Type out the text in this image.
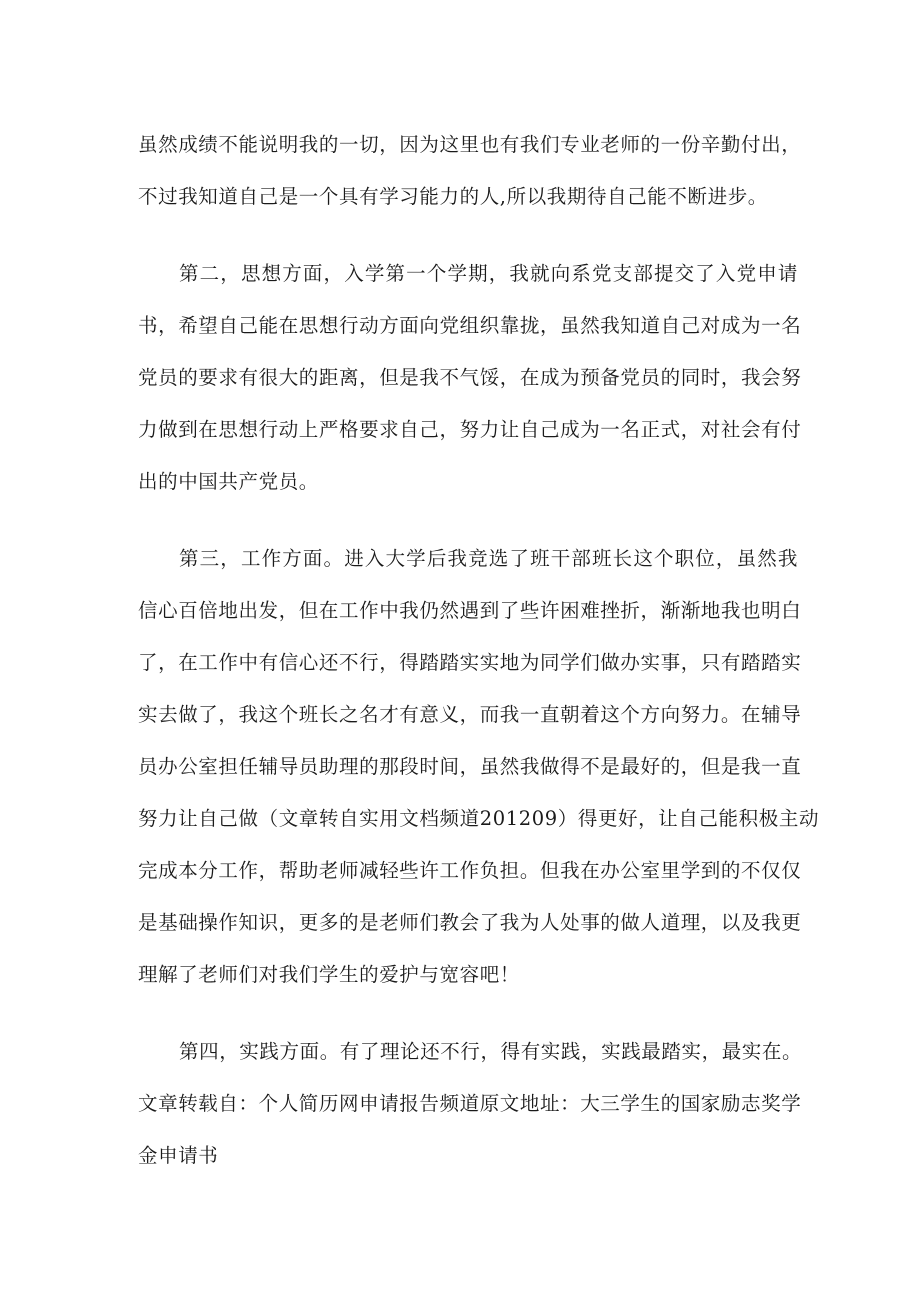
虽然成绩不能说明我的一切，因为这里也有我们专业老师的一份辛勤付出，
不过我知道自己是一个具有学习能力的人,所以我期待自己能不断进步。
第二，思想方面，入学第一个学期，我就向系党支部提交了入党申请
书，希望自己能在思想行动方面向党组织靠拢，虽然我知道自己对成为一名
党员的要求有很大的距离，但是我不气馁，在成为预备党员的同时，我会努
力做到在思想行动上严格要求自己，努力让自己成为一名正式，对社会有付
出的中国共产党员。
第三，工作方面。进入大学后我竞选了班干部班长这个职位，虽然我
信心百倍地出发，但在工作中我仍然遇到了些许困难挫折，渐渐地我也明白
了，在工作中有信心还不行，得踏踏实实地为同学们做办实事，只有踏踏实
实去做了，我这个班长之名才有意义，而我一直朝着这个方向努力。在辅导
员办公室担任辅导员助理的那段时间，虽然我做得不是最好的，但是我一直
努力让自己做（文章转自实用文档频道201209）得更好，让自己能积极主动
完成本分工作，帮助老师减轻些许工作负担。但我在办公室里学到的不仅仅
是基础操作知识，更多的是老师们教会了我为人处事的做人道理，以及我更
理解了老师们对我们学生的爱护与宽容吧！
第四，实践方面。有了理论还不行，得有实践，实践最踏实，最实在。
文章转载自：个人简历网申请报告频道原文地址：大三学生的国家励志奖学
金申请书
